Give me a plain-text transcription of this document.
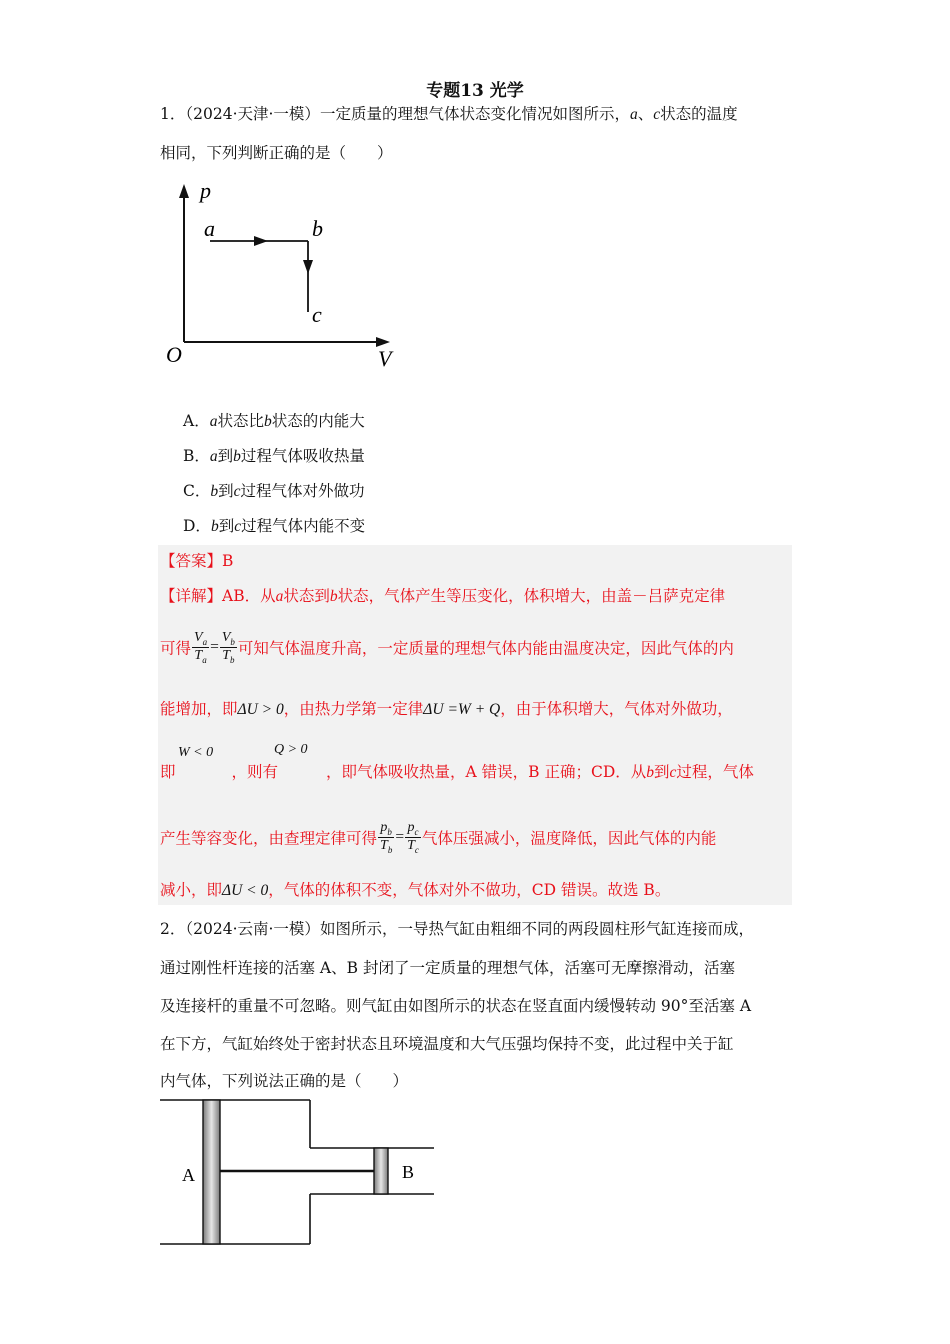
专题13 光学
1．（2024·天津·一模）一定质量的理想气体状态变化情况如图所示，a、c状态的温度
相同，下列判断正确的是（　　）
p
V
O
a	b
c
A．a状态比b状态的内能大
B．a到b过程气体吸收热量
C．b到c过程气体对外做功
D．b到c过程气体内能不变
【答案】B
【详解】AB．从a状态到b状态，气体产生等压变化，体积增大，由盖－吕萨克定律
可得 $\frac{V_a}{T_a} = \frac{V_b}{T_b}$ 可知气体温度升高，一定质量的理想气体内能由温度决定，因此气体的内
能增加，即ΔU > 0，由热力学第一定律ΔU =W + Q，由于体积增大，气体对外做功，
W < 0	Q > 0
即	，则有	，即气体吸收热量，A 错误，B 正确；CD．从b到c过程，气体
产生等容变化，由查理定律可得 $\frac{p_b}{T_b} = \frac{p_c}{T_c}$ 气体压强减小，温度降低，因此气体的内能
减小，即ΔU < 0，气体的体积不变，气体对外不做功，CD 错误。故选 B。
2．（2024·云南·一模）如图所示，一导热气缸由粗细不同的两段圆柱形气缸连接而成，
通过刚性杆连接的活塞 A、B 封闭了一定质量的理想气体，活塞可无摩擦滑动，活塞
及连接杆的重量不可忽略。则气缸由如图所示的状态在竖直面内缓慢转动 90°至活塞 A
在下方，气缸始终处于密封状态且环境温度和大气压强均保持不变，此过程中关于缸
内气体，下列说法正确的是（　　）
A	B
